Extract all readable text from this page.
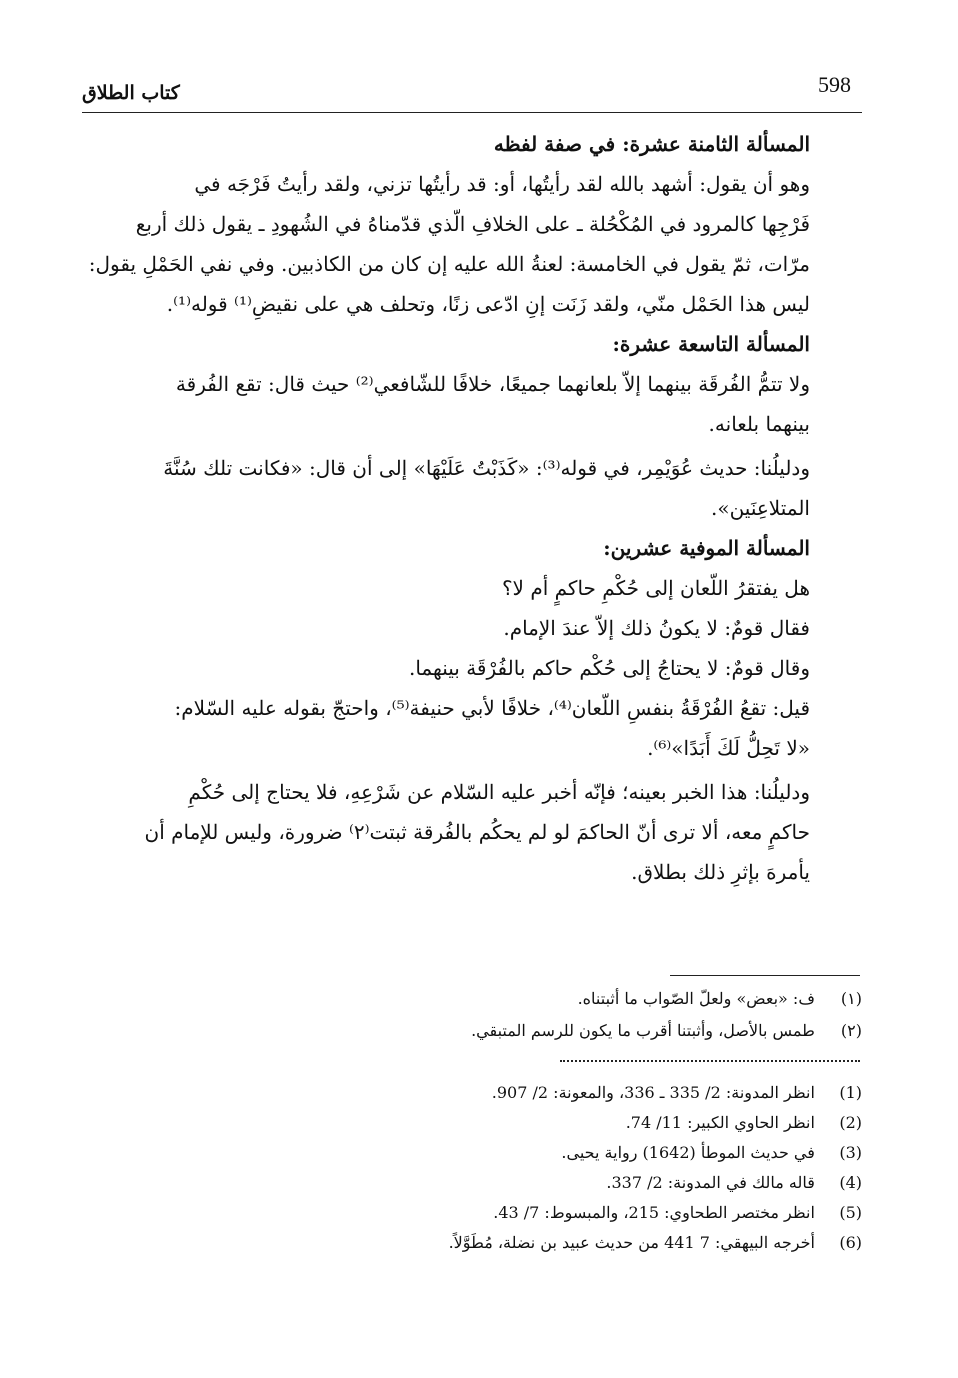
598
كتاب الطلاق
المسألة الثامنة عشرة: في صفة لفظه
وهو أن يقول: أشهد بالله لقد رأيتُها، أو: قد رأيتُها تزني، ولقد رأيتُ فَرْجَه في
فَرْجِها كالمرود في المُكْحُلة ـ على الخلافِ الّذي قدّمناهُ في الشُهودِ ـ يقول ذلك أربع
مرّات، ثمّ يقول في الخامسة: لعنةُ الله عليه إن كان من الكاذبين. وفي نفي الحَمْلِ يقول:
ليس هذا الحَمْل منّي، ولقد زَنَت إنِ ادّعى زنًا، وتحلف هي على نقيضِ⁽¹⁾ قوله⁽¹⁾.
المسألة التاسعة عشرة:
ولا تتمُّ الفُرقَة بينهما إلاّ بلعانهما جميعًا، خلافًا للشّافعي⁽²⁾ حيث قال: تقع الفُرقة
بينهما بلعانه.
ودليلُنا: حديث عُوَيْمِر، في قوله⁽³⁾: «كَذَبْتُ عَلَيْهَا» إلى أن قال: «فكانت تلك سُنَّةَ
المتلاعِنَين».
المسألة الموفية عشرين:
هل يفتقرُ اللّعان إلى حُكْمِ حاكمٍ أم لا؟
فقال قومٌ: لا يكونُ ذلك إلاّ عندَ الإمام.
وقال قومٌ: لا يحتاجُ إلى حُكْم حاكم بالفُرْقَة بينهما.
قيل: تقعُ الفُرْقَةُ بنفسِ اللّعان⁽⁴⁾، خلافًا لأبي حنيفة⁽⁵⁾، واحتجّ بقوله عليه السّلام:
«لا تَحِلُّ لَكَ أَبَدًا»⁽⁶⁾.
ودليلُنا: هذا الخبر بعينه؛ فإنّه أخبر عليه السّلام عن شَرْعِهِ، فلا يحتاج إلى حُكْمِ
حاكمٍ معه، ألا ترى أنّ الحاكمَ لو لم يحكُم بالفُرقة ثبتت⁽٢⁾ ضرورة، وليس للإمام أن
يأمرهَ بإثرِ ذلك بطلاق.
(١) ف: «بعض» ولعلّ الصّواب ما أثبتناه.
(٢) طمس بالأصل، وأثبتنا أقرب ما يكون للرسم المتبقي.
(1) انظر المدونة: 2/ 335 ـ 336، والمعونة: 2/ 907.
(2) انظر الحاوي الكبير: 11/ 74.
(3) في حديث الموطأ (1642) رواية يحيى.
(4) قاله مالك في المدونة: 2/ 337.
(5) انظر مختصر الطحاوي: 215، والمبسوط: 7/ 43.
(6) أخرجه البيهقي: 7 441 من حديث عبيد بن نضلة، مُطَوَّلاً.
